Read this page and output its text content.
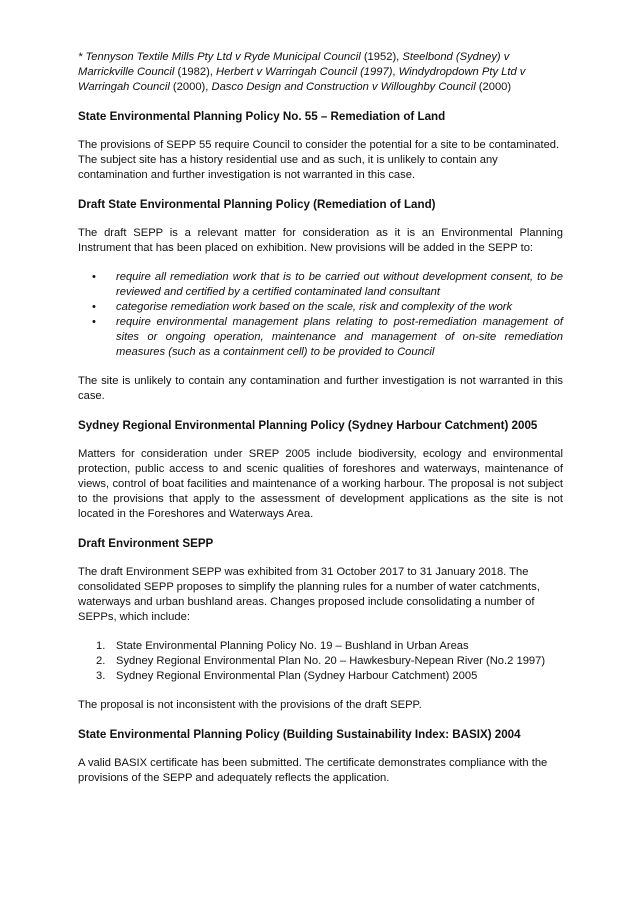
* Tennyson Textile Mills Pty Ltd v Ryde Municipal Council (1952), Steelbond (Sydney) v Marrickville Council (1982), Herbert v Warringah Council (1997), Windydropdown Pty Ltd v Warringah Council (2000), Dasco Design and Construction v Willoughby Council (2000)

State Environmental Planning Policy No. 55 – Remediation of Land

The provisions of SEPP 55 require Council to consider the potential for a site to be contaminated. The subject site has a history residential use and as such, it is unlikely to contain any contamination and further investigation is not warranted in this case.

Draft State Environmental Planning Policy (Remediation of Land)

The draft SEPP is a relevant matter for consideration as it is an Environmental Planning Instrument that has been placed on exhibition. New provisions will be added in the SEPP to:

• require all remediation work that is to be carried out without development consent, to be reviewed and certified by a certified contaminated land consultant
• categorise remediation work based on the scale, risk and complexity of the work
• require environmental management plans relating to post-remediation management of sites or ongoing operation, maintenance and management of on-site remediation measures (such as a containment cell) to be provided to Council

The site is unlikely to contain any contamination and further investigation is not warranted in this case.

Sydney Regional Environmental Planning Policy (Sydney Harbour Catchment) 2005

Matters for consideration under SREP 2005 include biodiversity, ecology and environmental protection, public access to and scenic qualities of foreshores and waterways, maintenance of views, control of boat facilities and maintenance of a working harbour. The proposal is not subject to the provisions that apply to the assessment of development applications as the site is not located in the Foreshores and Waterways Area.

Draft Environment SEPP

The draft Environment SEPP was exhibited from 31 October 2017 to 31 January 2018. The consolidated SEPP proposes to simplify the planning rules for a number of water catchments, waterways and urban bushland areas. Changes proposed include consolidating a number of SEPPs, which include:

1. State Environmental Planning Policy No. 19 – Bushland in Urban Areas
2. Sydney Regional Environmental Plan No. 20 – Hawkesbury-Nepean River (No.2 1997)
3. Sydney Regional Environmental Plan (Sydney Harbour Catchment) 2005

The proposal is not inconsistent with the provisions of the draft SEPP.

State Environmental Planning Policy (Building Sustainability Index: BASIX) 2004

A valid BASIX certificate has been submitted. The certificate demonstrates compliance with the provisions of the SEPP and adequately reflects the application.
